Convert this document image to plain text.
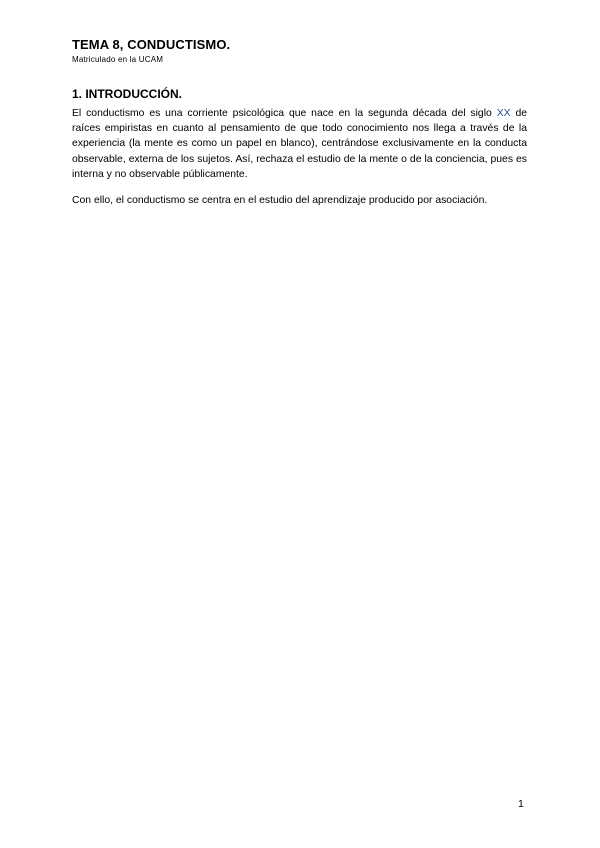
TEMA 8, CONDUCTISMO.
Matriculado en la UCAM
1. INTRODUCCIÓN.

El conductismo es una corriente psicológica que nace en la segunda década del siglo XX de raíces empiristas en cuanto al pensamiento de que todo conocimiento nos llega a través de la experiencia (la mente es como un papel en blanco), centrándose exclusivamente en la conducta observable, externa de los sujetos. Así, rechaza el estudio de la mente o de la conciencia, pues es interna y no observable públicamente.

Con ello, el conductismo se centra en el estudio del aprendizaje producido por asociación.

1
